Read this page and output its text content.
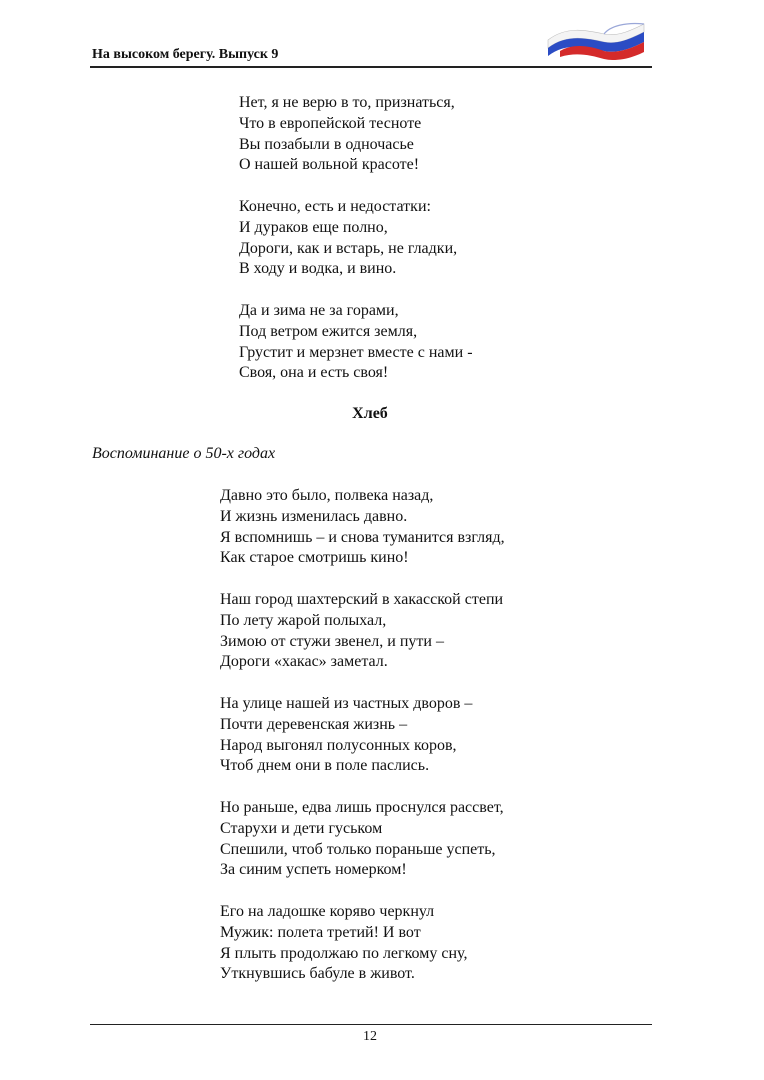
На высоком берегу. Выпуск 9
Нет, я не верю в то, признаться,
Что в европейской тесноте
Вы позабыли в одночасье
О нашей вольной красоте!
Конечно, есть и недостатки:
И дураков еще полно,
Дороги, как и встарь, не гладки,
В ходу и водка, и вино.
Да и зима не за горами,
Под ветром ежится земля,
Грустит и мерзнет вместе с нами -
Своя, она и есть своя!
Хлеб
Воспоминание о 50-х годах
Давно это было, полвека назад,
И жизнь изменилась давно.
Я вспомнишь – и снова туманится взгляд,
Как старое смотришь кино!
Наш город шахтерский в хакасской степи
По лету жарой полыхал,
Зимою от стужи звенел, и пути –
Дороги «хакас» заметал.
На улице нашей из частных дворов –
Почти деревенская жизнь –
Народ выгонял полусонных коров,
Чтоб днем они в поле паслись.
Но раньше, едва лишь проснулся рассвет,
Старухи и дети гуськом
Спешили, чтоб только пораньше успеть,
За синим успеть номерком!
Его на ладошке коряво черкнул
Мужик: полета третий! И вот
Я плыть продолжаю по легкому сну,
Уткнувшись бабуле в живот.
12
